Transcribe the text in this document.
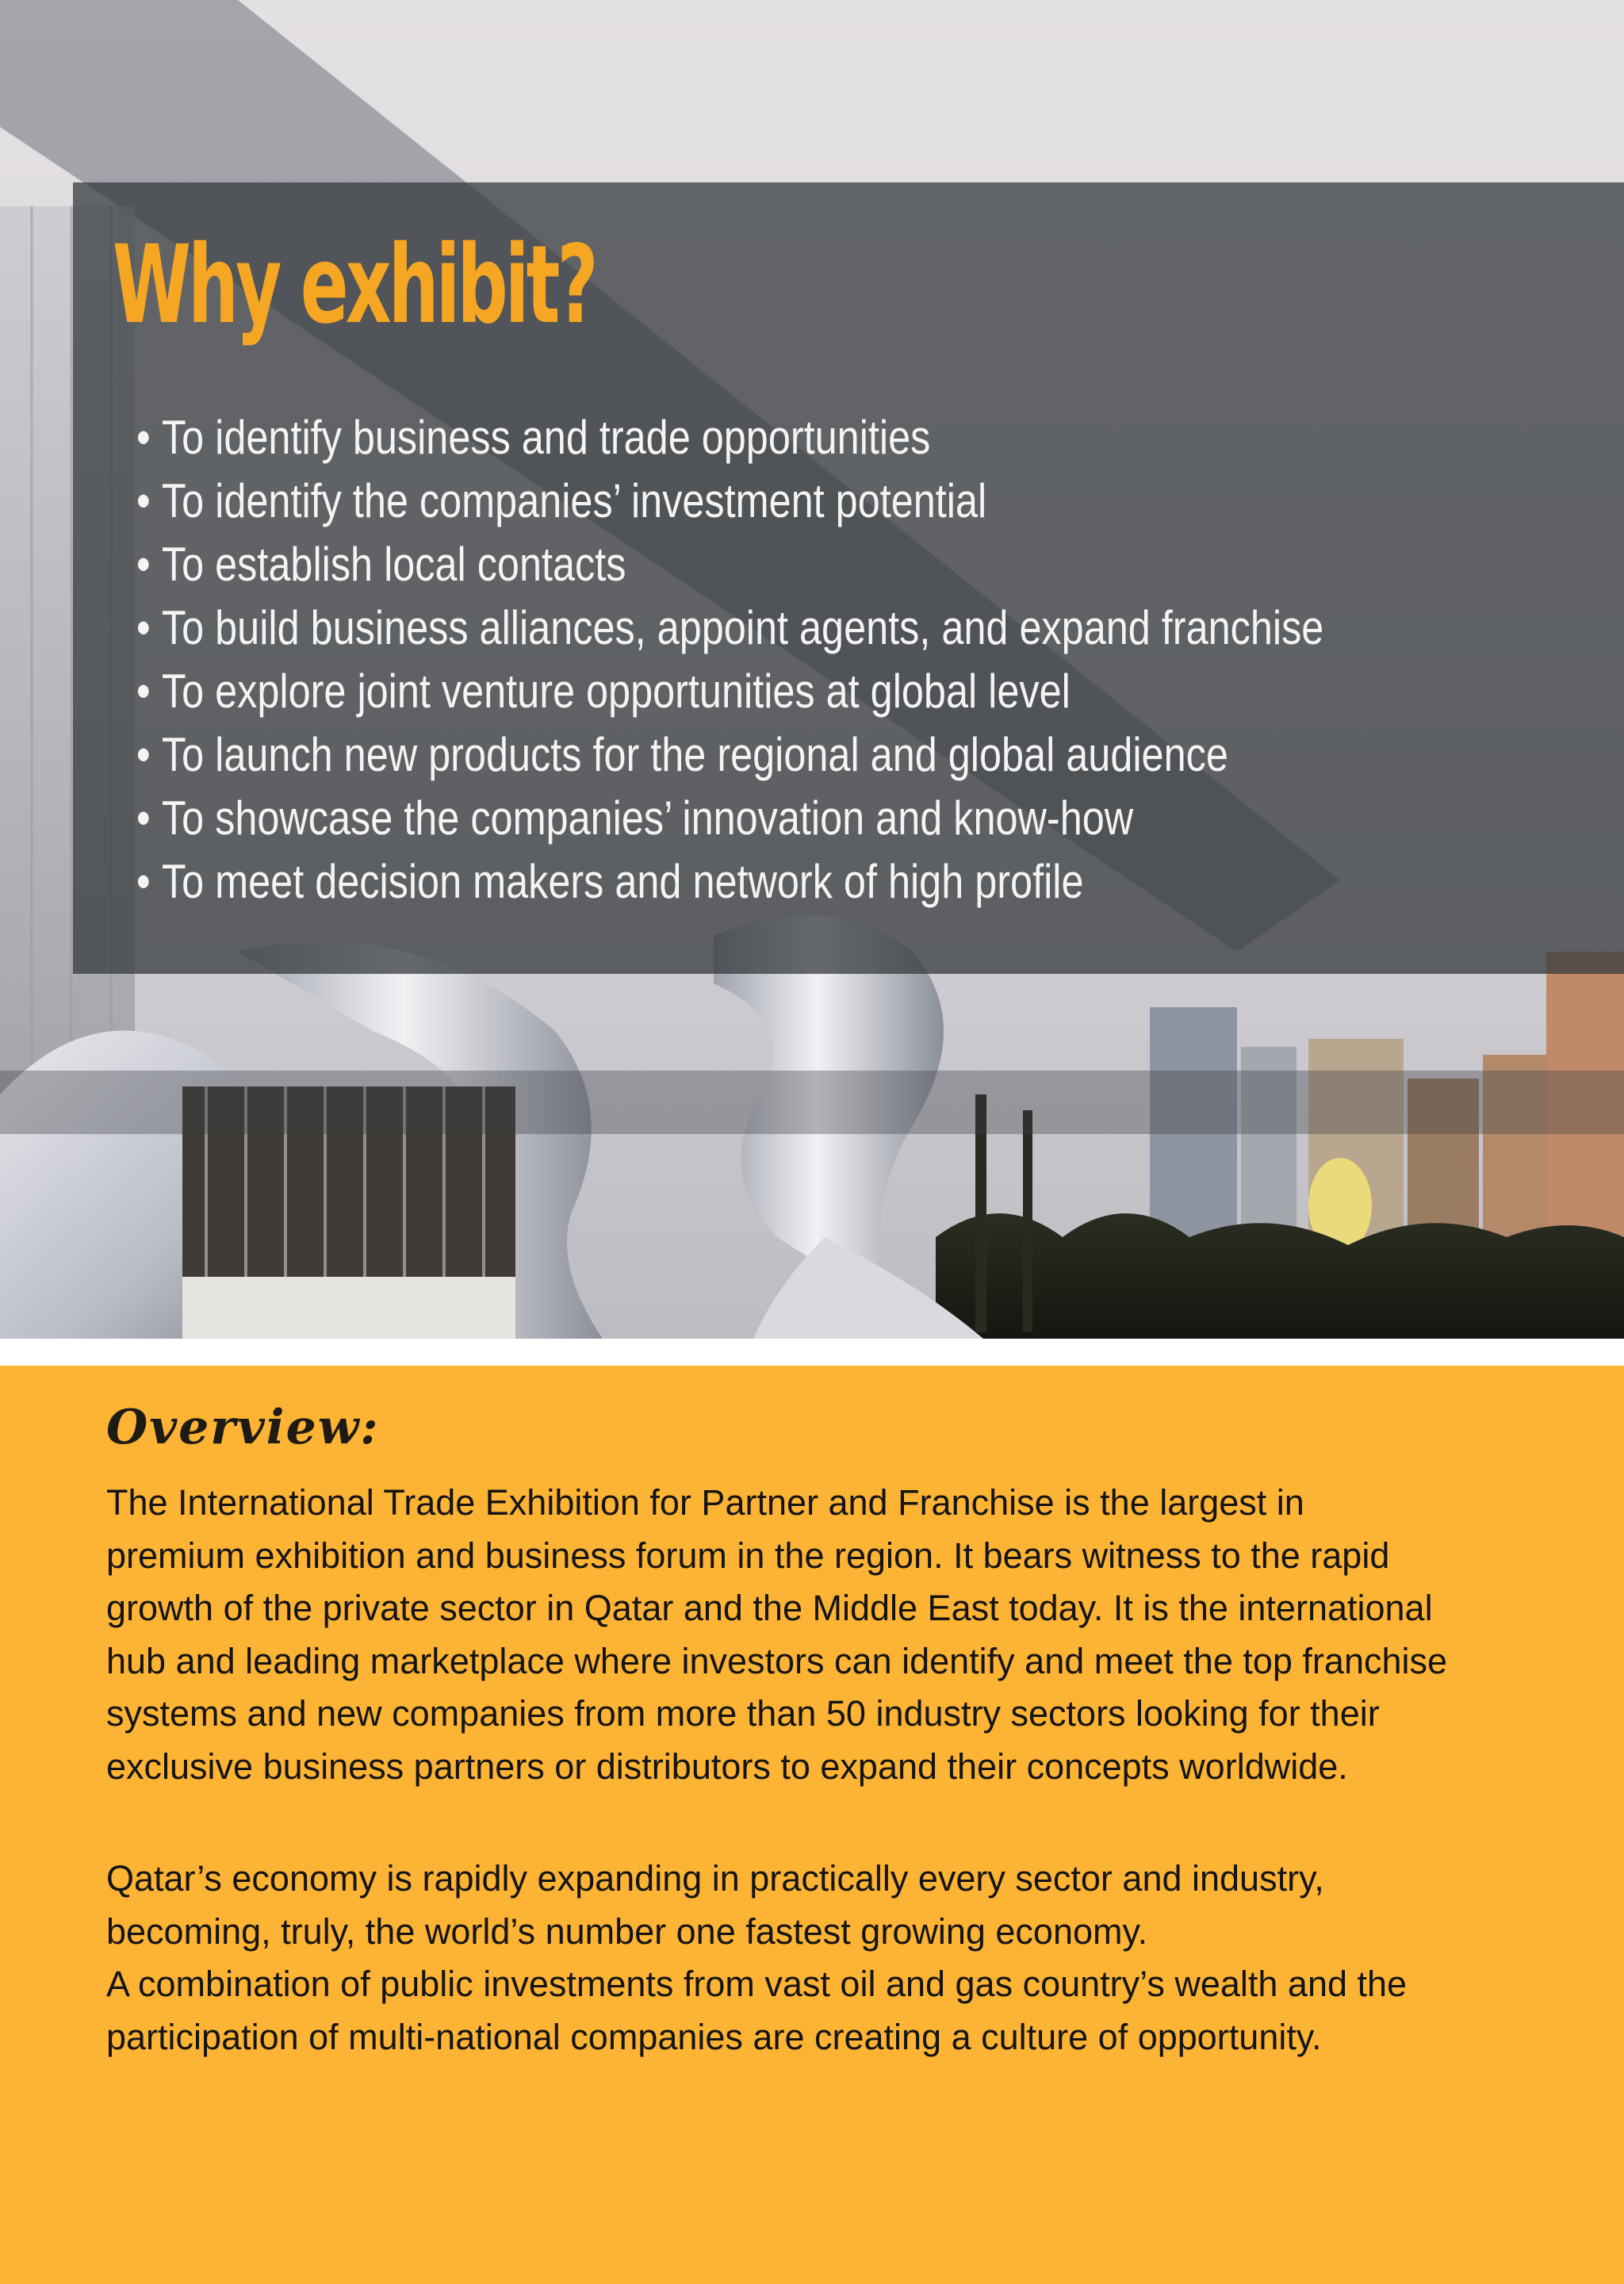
Why exhibit?
• To identify business and trade opportunities
• To identify the companies’ investment potential
• To establish local contacts
• To build business alliances, appoint agents, and expand franchise
• To explore joint venture opportunities at global level
• To launch new products for the regional and global audience
• To showcase the companies’ innovation and know-how
• To meet decision makers and network of high profile
Overview:

The International Trade Exhibition for Partner and Franchise is the largest in
premium exhibition and business forum in the region. It bears witness to the rapid
growth of the private sector in Qatar and the Middle East today. It is the international
hub and leading marketplace where investors can identify and meet the top franchise
systems and new companies from more than 50 industry sectors looking for their
exclusive business partners or distributors to expand their concepts worldwide.

Qatar’s economy is rapidly expanding in practically every sector and industry,
becoming, truly, the world’s number one fastest growing economy.
A combination of public investments from vast oil and gas country’s wealth and the
participation of multi-national companies are creating a culture of opportunity.
